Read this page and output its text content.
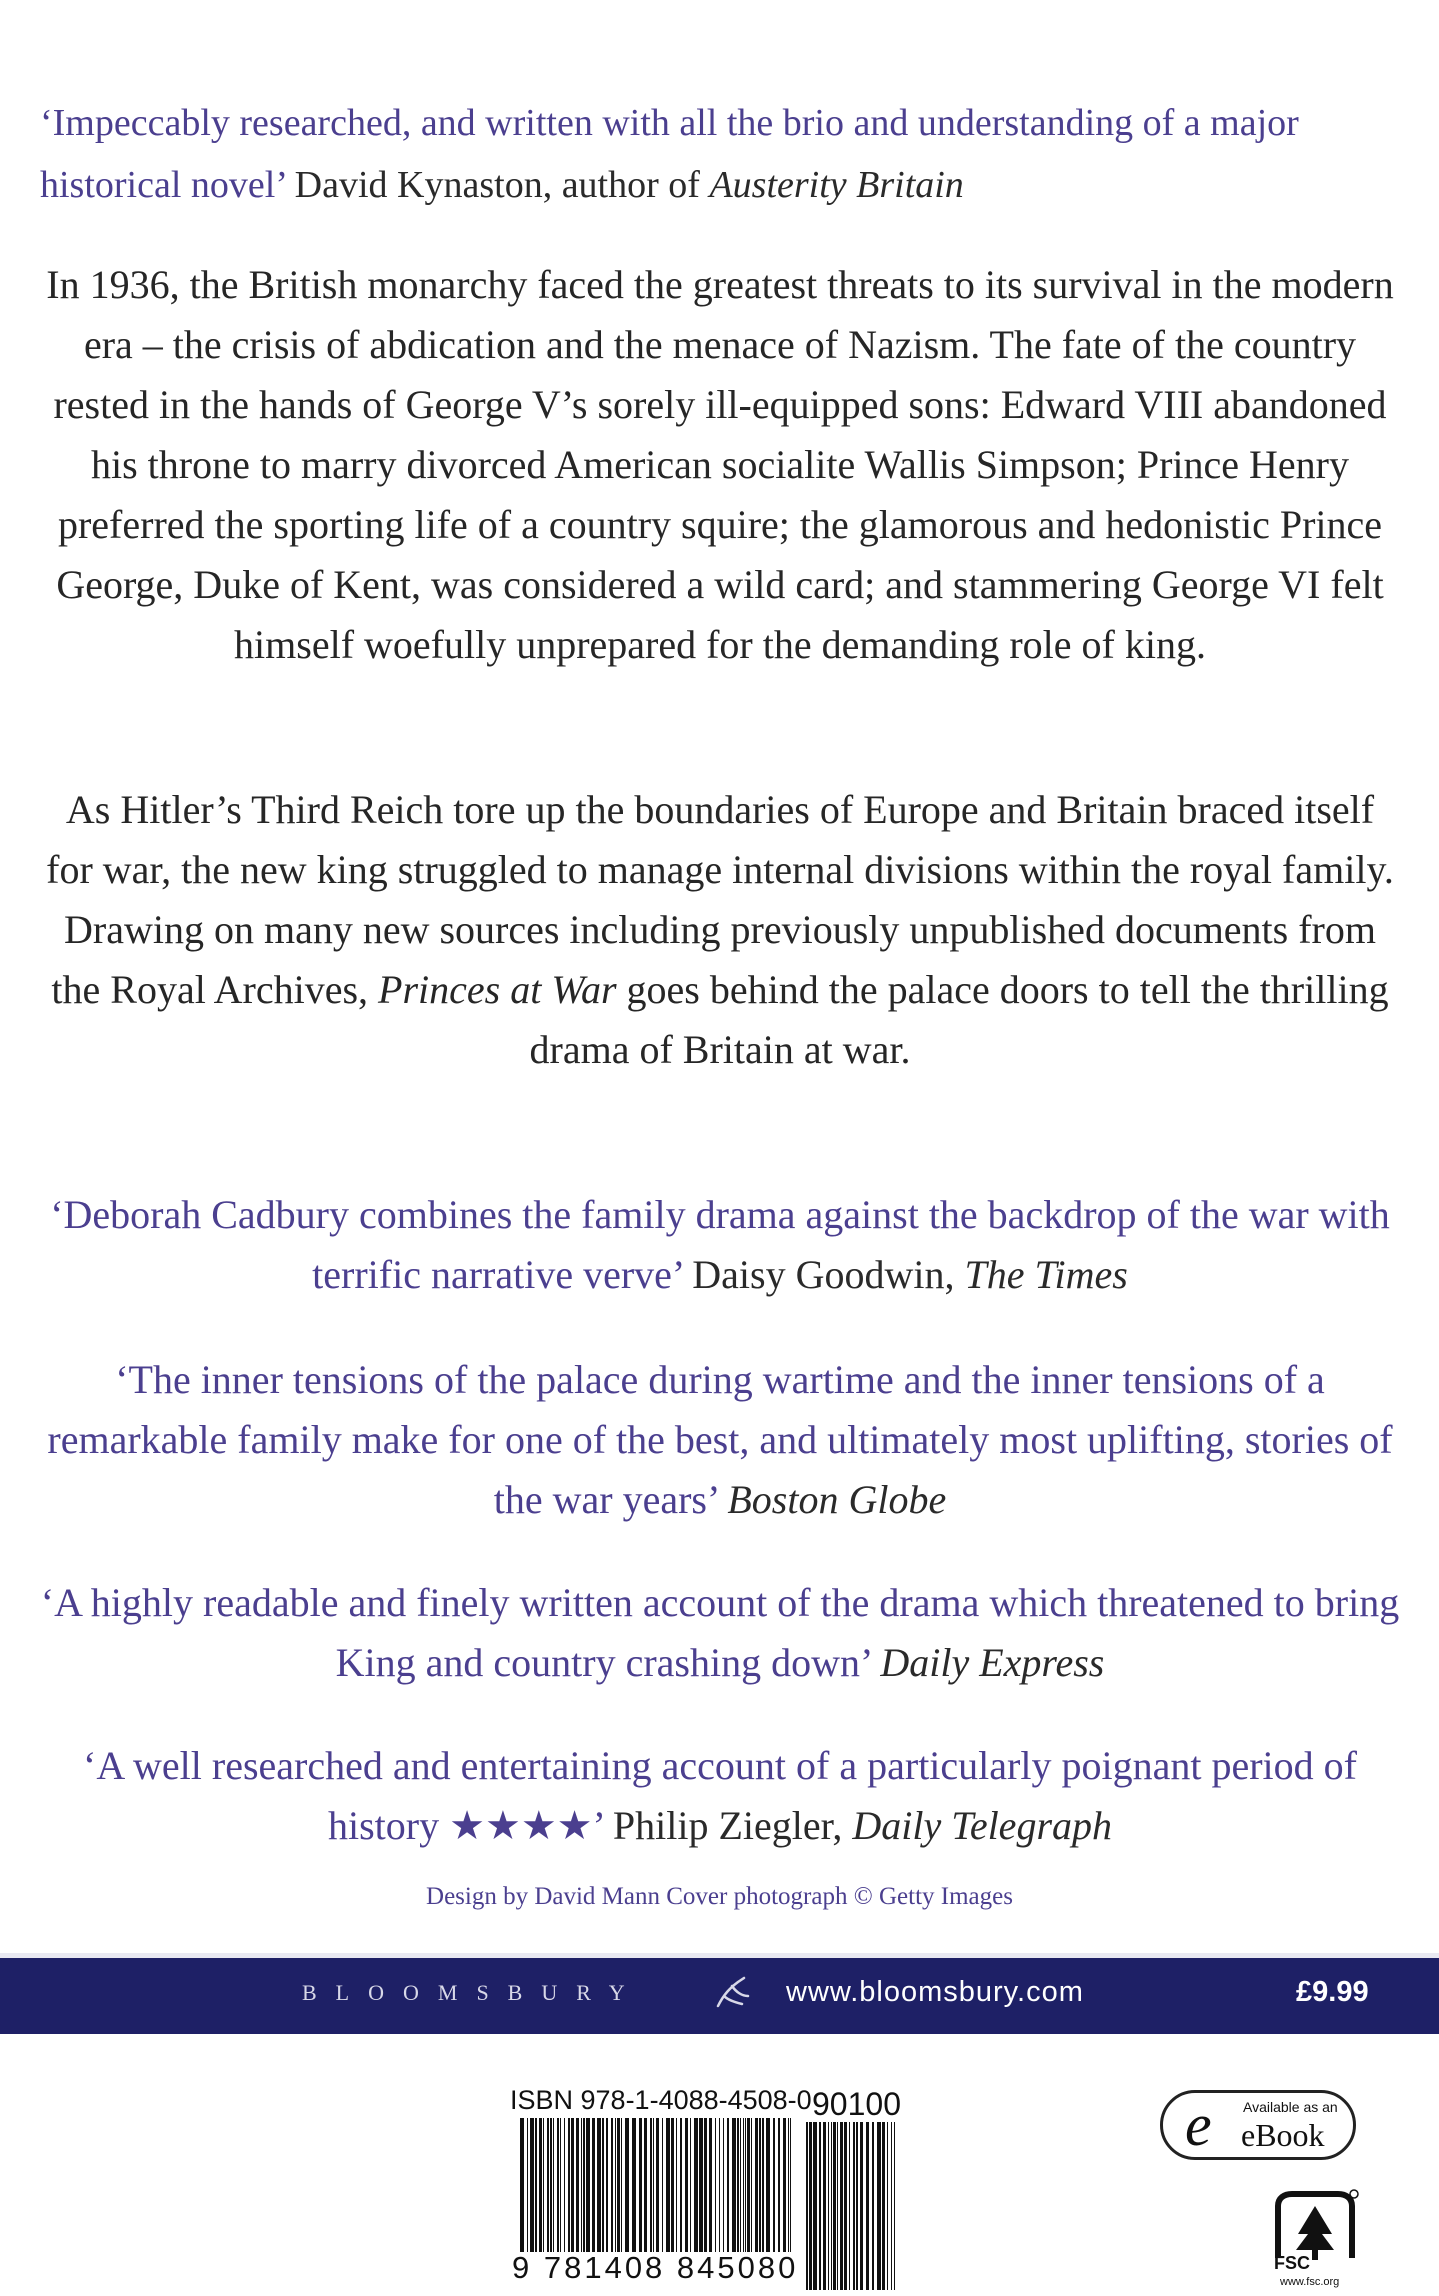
‘Impeccably researched, and written with all the brio and understanding of a major historical novel’ David Kynaston, author of Austerity Britain
In 1936, the British monarchy faced the greatest threats to its survival in the modern era – the crisis of abdication and the menace of Nazism. The fate of the country rested in the hands of George V’s sorely ill-equipped sons: Edward VIII abandoned his throne to marry divorced American socialite Wallis Simpson; Prince Henry preferred the sporting life of a country squire; the glamorous and hedonistic Prince George, Duke of Kent, was considered a wild card; and stammering George VI felt himself woefully unprepared for the demanding role of king.
As Hitler’s Third Reich tore up the boundaries of Europe and Britain braced itself for war, the new king struggled to manage internal divisions within the royal family. Drawing on many new sources including previously unpublished documents from the Royal Archives, Princes at War goes behind the palace doors to tell the thrilling drama of Britain at war.
‘Deborah Cadbury combines the family drama against the backdrop of the war with terrific narrative verve’ Daisy Goodwin, The Times
‘The inner tensions of the palace during wartime and the inner tensions of a remarkable family make for one of the best, and ultimately most uplifting, stories of the war years’ Boston Globe
‘A highly readable and finely written account of the drama which threatened to bring King and country crashing down’ Daily Express
‘A well researched and entertaining account of a particularly poignant period of history ★★★★’ Philip Ziegler, Daily Telegraph
Design by David Mann Cover photograph © Getty Images
BLOOMSBURY	www.bloomsbury.com	£9.99
ISBN 978-1-4088-4508-0
9 781408 845080
90100	e Available as an
eBook
FSC
www.fsc.org
